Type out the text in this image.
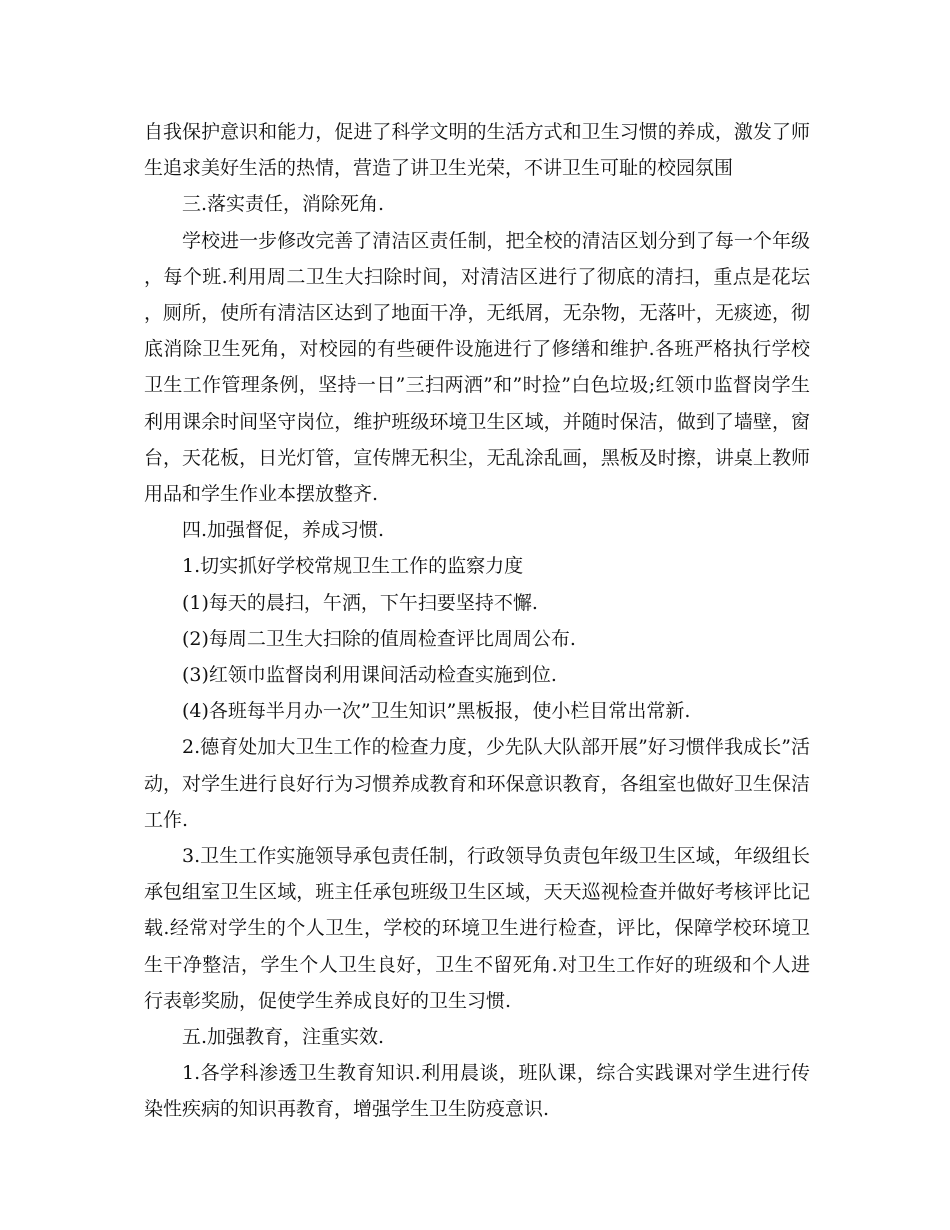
自我保护意识和能力，促进了科学文明的生活方式和卫生习惯的养成，激发了师生追求美好生活的热情，营造了讲卫生光荣，不讲卫生可耻的校园氛围

三.落实责任，消除死角.

学校进一步修改完善了清洁区责任制，把全校的清洁区划分到了每一个年级，每个班.利用周二卫生大扫除时间，对清洁区进行了彻底的清扫，重点是花坛，厕所，使所有清洁区达到了地面干净，无纸屑，无杂物，无落叶，无痰迹，彻底消除卫生死角，对校园的有些硬件设施进行了修缮和维护.各班严格执行学校卫生工作管理条例，坚持一日”三扫两洒”和”时捡”白色垃圾;红领巾监督岗学生利用课余时间坚守岗位，维护班级环境卫生区域，并随时保洁，做到了墙壁，窗台，天花板，日光灯管，宣传牌无积尘，无乱涂乱画，黑板及时擦，讲桌上教师用品和学生作业本摆放整齐.

四.加强督促，养成习惯.

1.切实抓好学校常规卫生工作的监察力度

(1)每天的晨扫，午洒，下午扫要坚持不懈.

(2)每周二卫生大扫除的值周检查评比周周公布.

(3)红领巾监督岗利用课间活动检查实施到位.

(4)各班每半月办一次”卫生知识”黑板报，使小栏目常出常新.

2.德育处加大卫生工作的检查力度，少先队大队部开展”好习惯伴我成长”活动，对学生进行良好行为习惯养成教育和环保意识教育，各组室也做好卫生保洁工作.

3.卫生工作实施领导承包责任制，行政领导负责包年级卫生区域，年级组长承包组室卫生区域，班主任承包班级卫生区域，天天巡视检查并做好考核评比记载.经常对学生的个人卫生，学校的环境卫生进行检查，评比，保障学校环境卫生干净整洁，学生个人卫生良好，卫生不留死角.对卫生工作好的班级和个人进行表彰奖励，促使学生养成良好的卫生习惯.

五.加强教育，注重实效.

1.各学科渗透卫生教育知识.利用晨谈，班队课，综合实践课对学生进行传染性疾病的知识再教育，增强学生卫生防疫意识.
